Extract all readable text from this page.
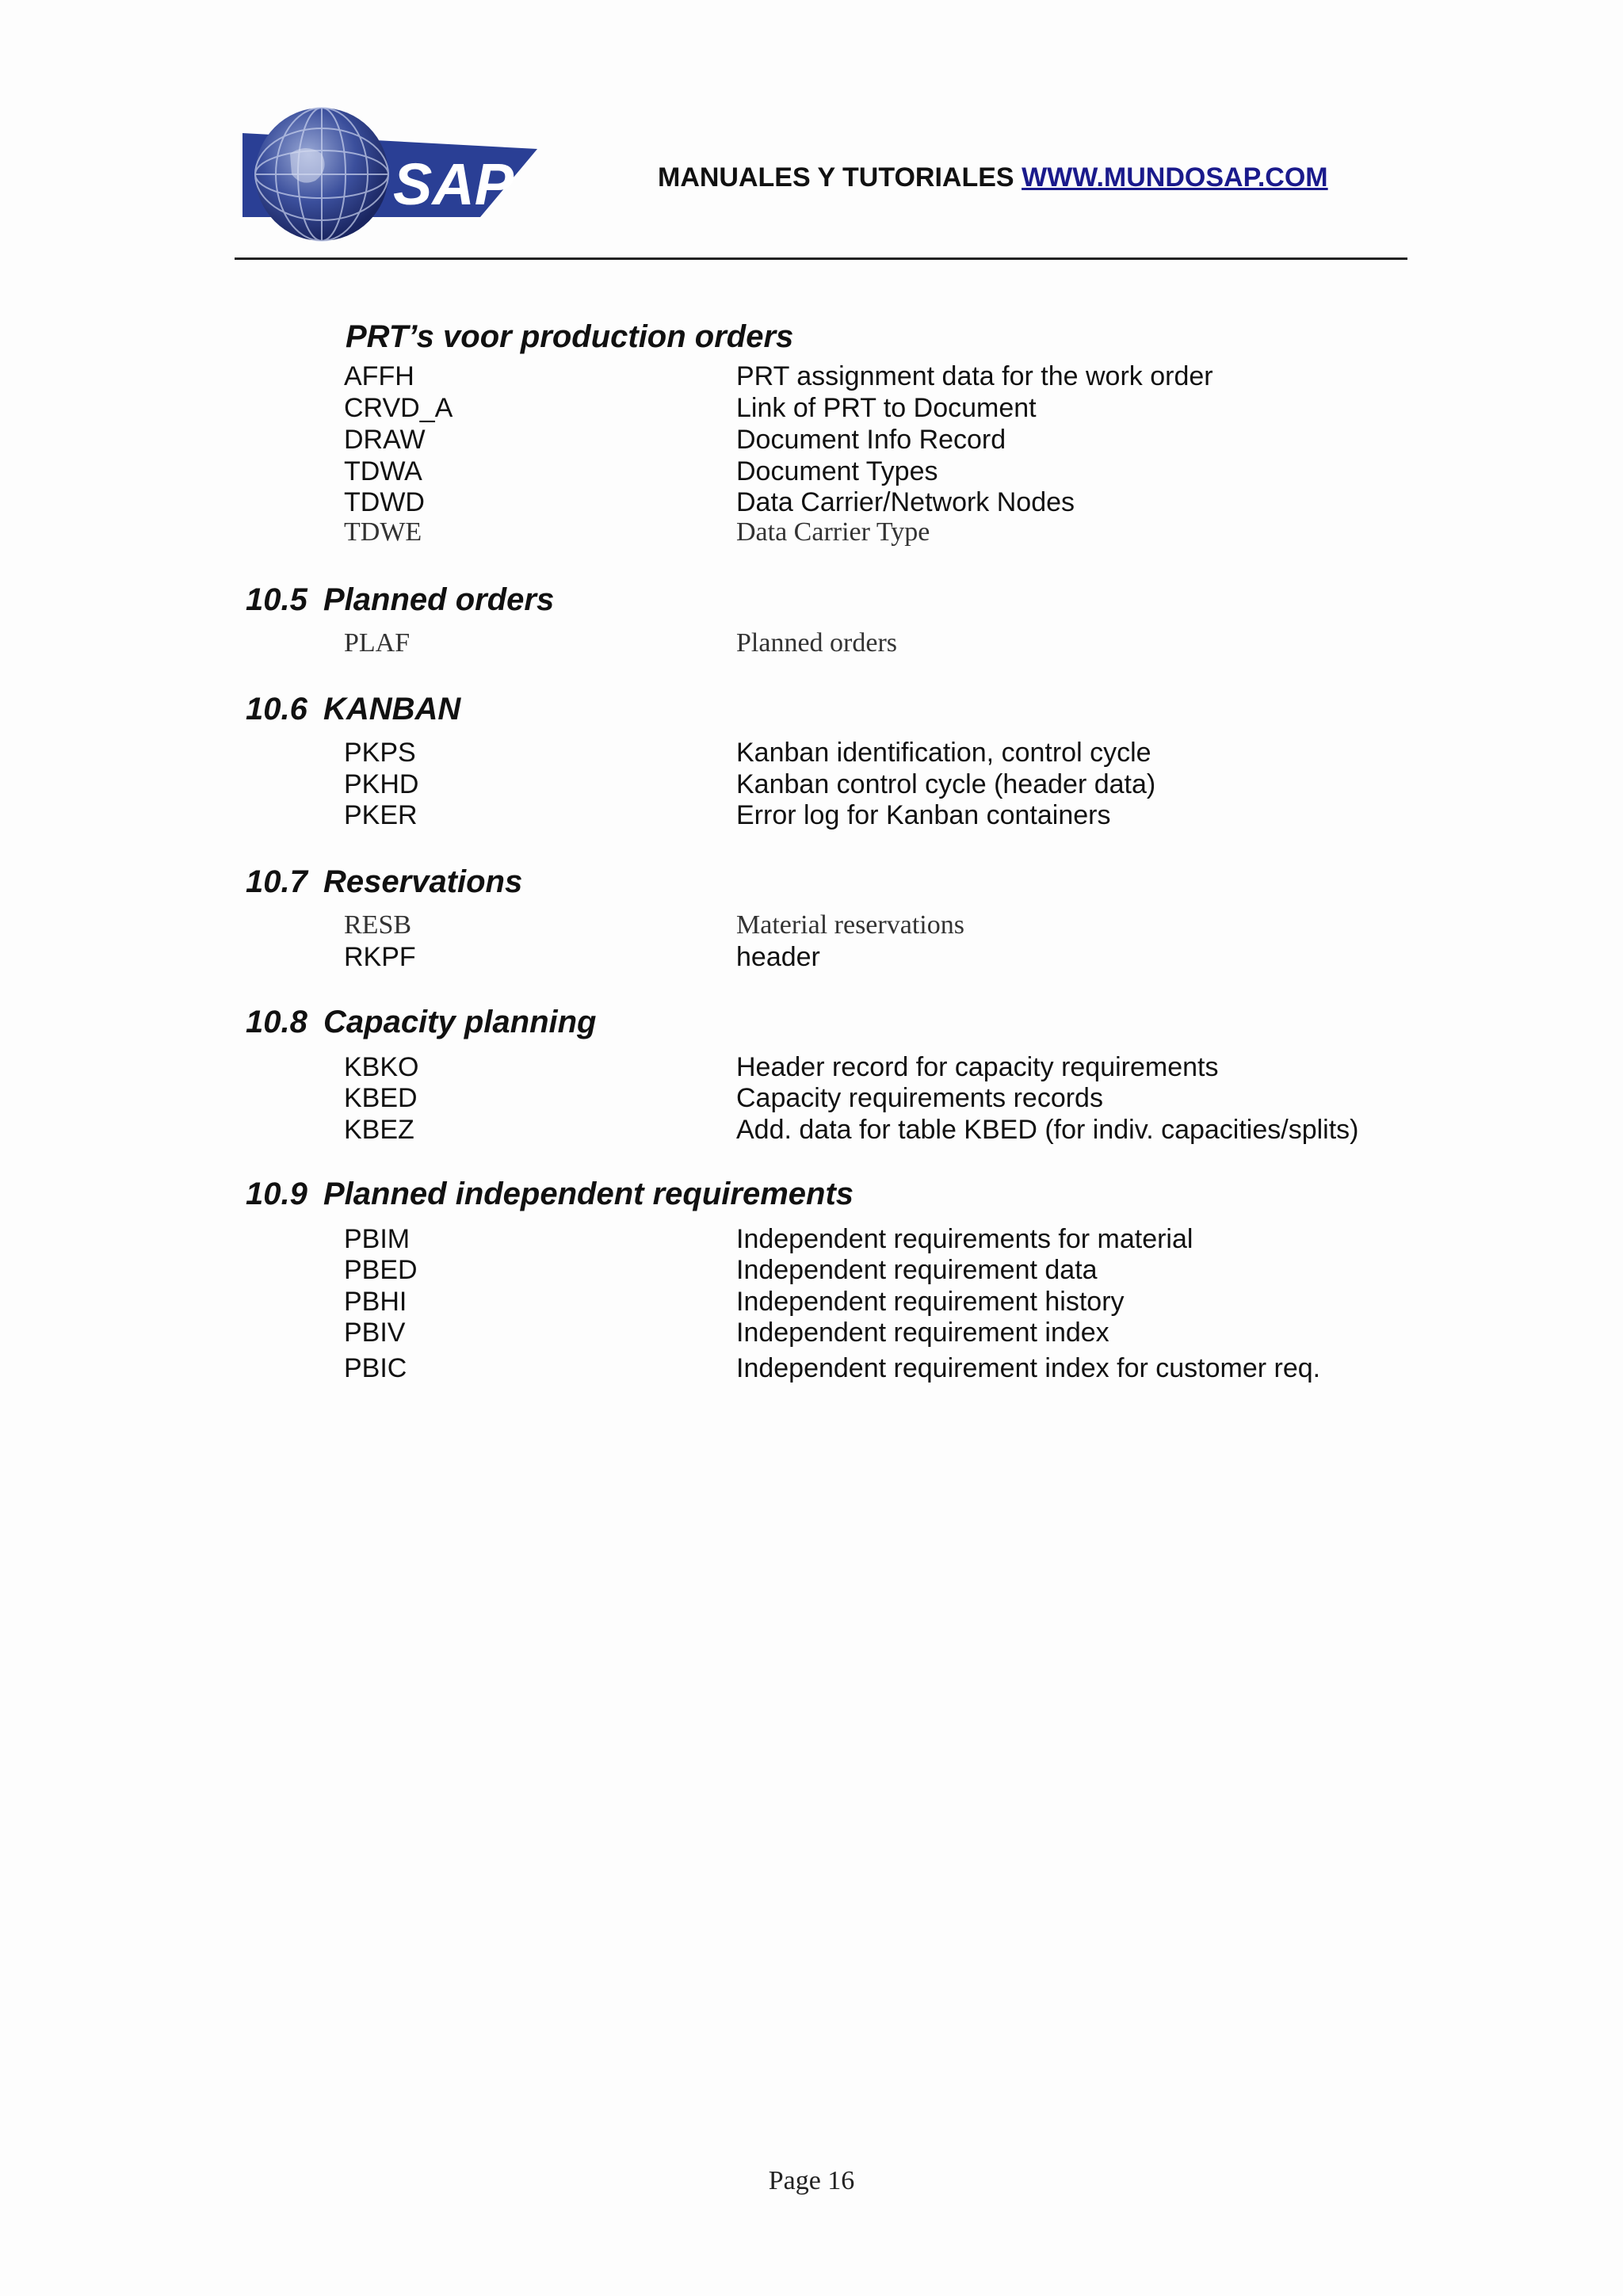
SAP	MANUALES Y TUTORIALES WWW.MUNDOSAP.COM
PRT’s voor production orders
AFFH	PRT assignment data for the work order
CRVD_A	Link of PRT to Document
DRAW	Document Info Record
TDWA	Document Types
TDWD	Data Carrier/Network Nodes
TDWE	Data Carrier Type
10.5 Planned orders
PLAF	Planned orders
10.6 KANBAN
PKPS	Kanban identification, control cycle
PKHD	Kanban control cycle (header data)
PKER	Error log for Kanban containers
10.7 Reservations
RESB	Material reservations
RKPF	header
10.8 Capacity planning
KBKO	Header record for capacity requirements
KBED	Capacity requirements records
KBEZ	Add. data for table KBED (for indiv. capacities/splits)
10.9 Planned independent requirements
PBIM	Independent requirements for material
PBED	Independent requirement data
PBHI	Independent requirement history
PBIV	Independent requirement index
PBIC	Independent requirement index for customer req.
Page 16
